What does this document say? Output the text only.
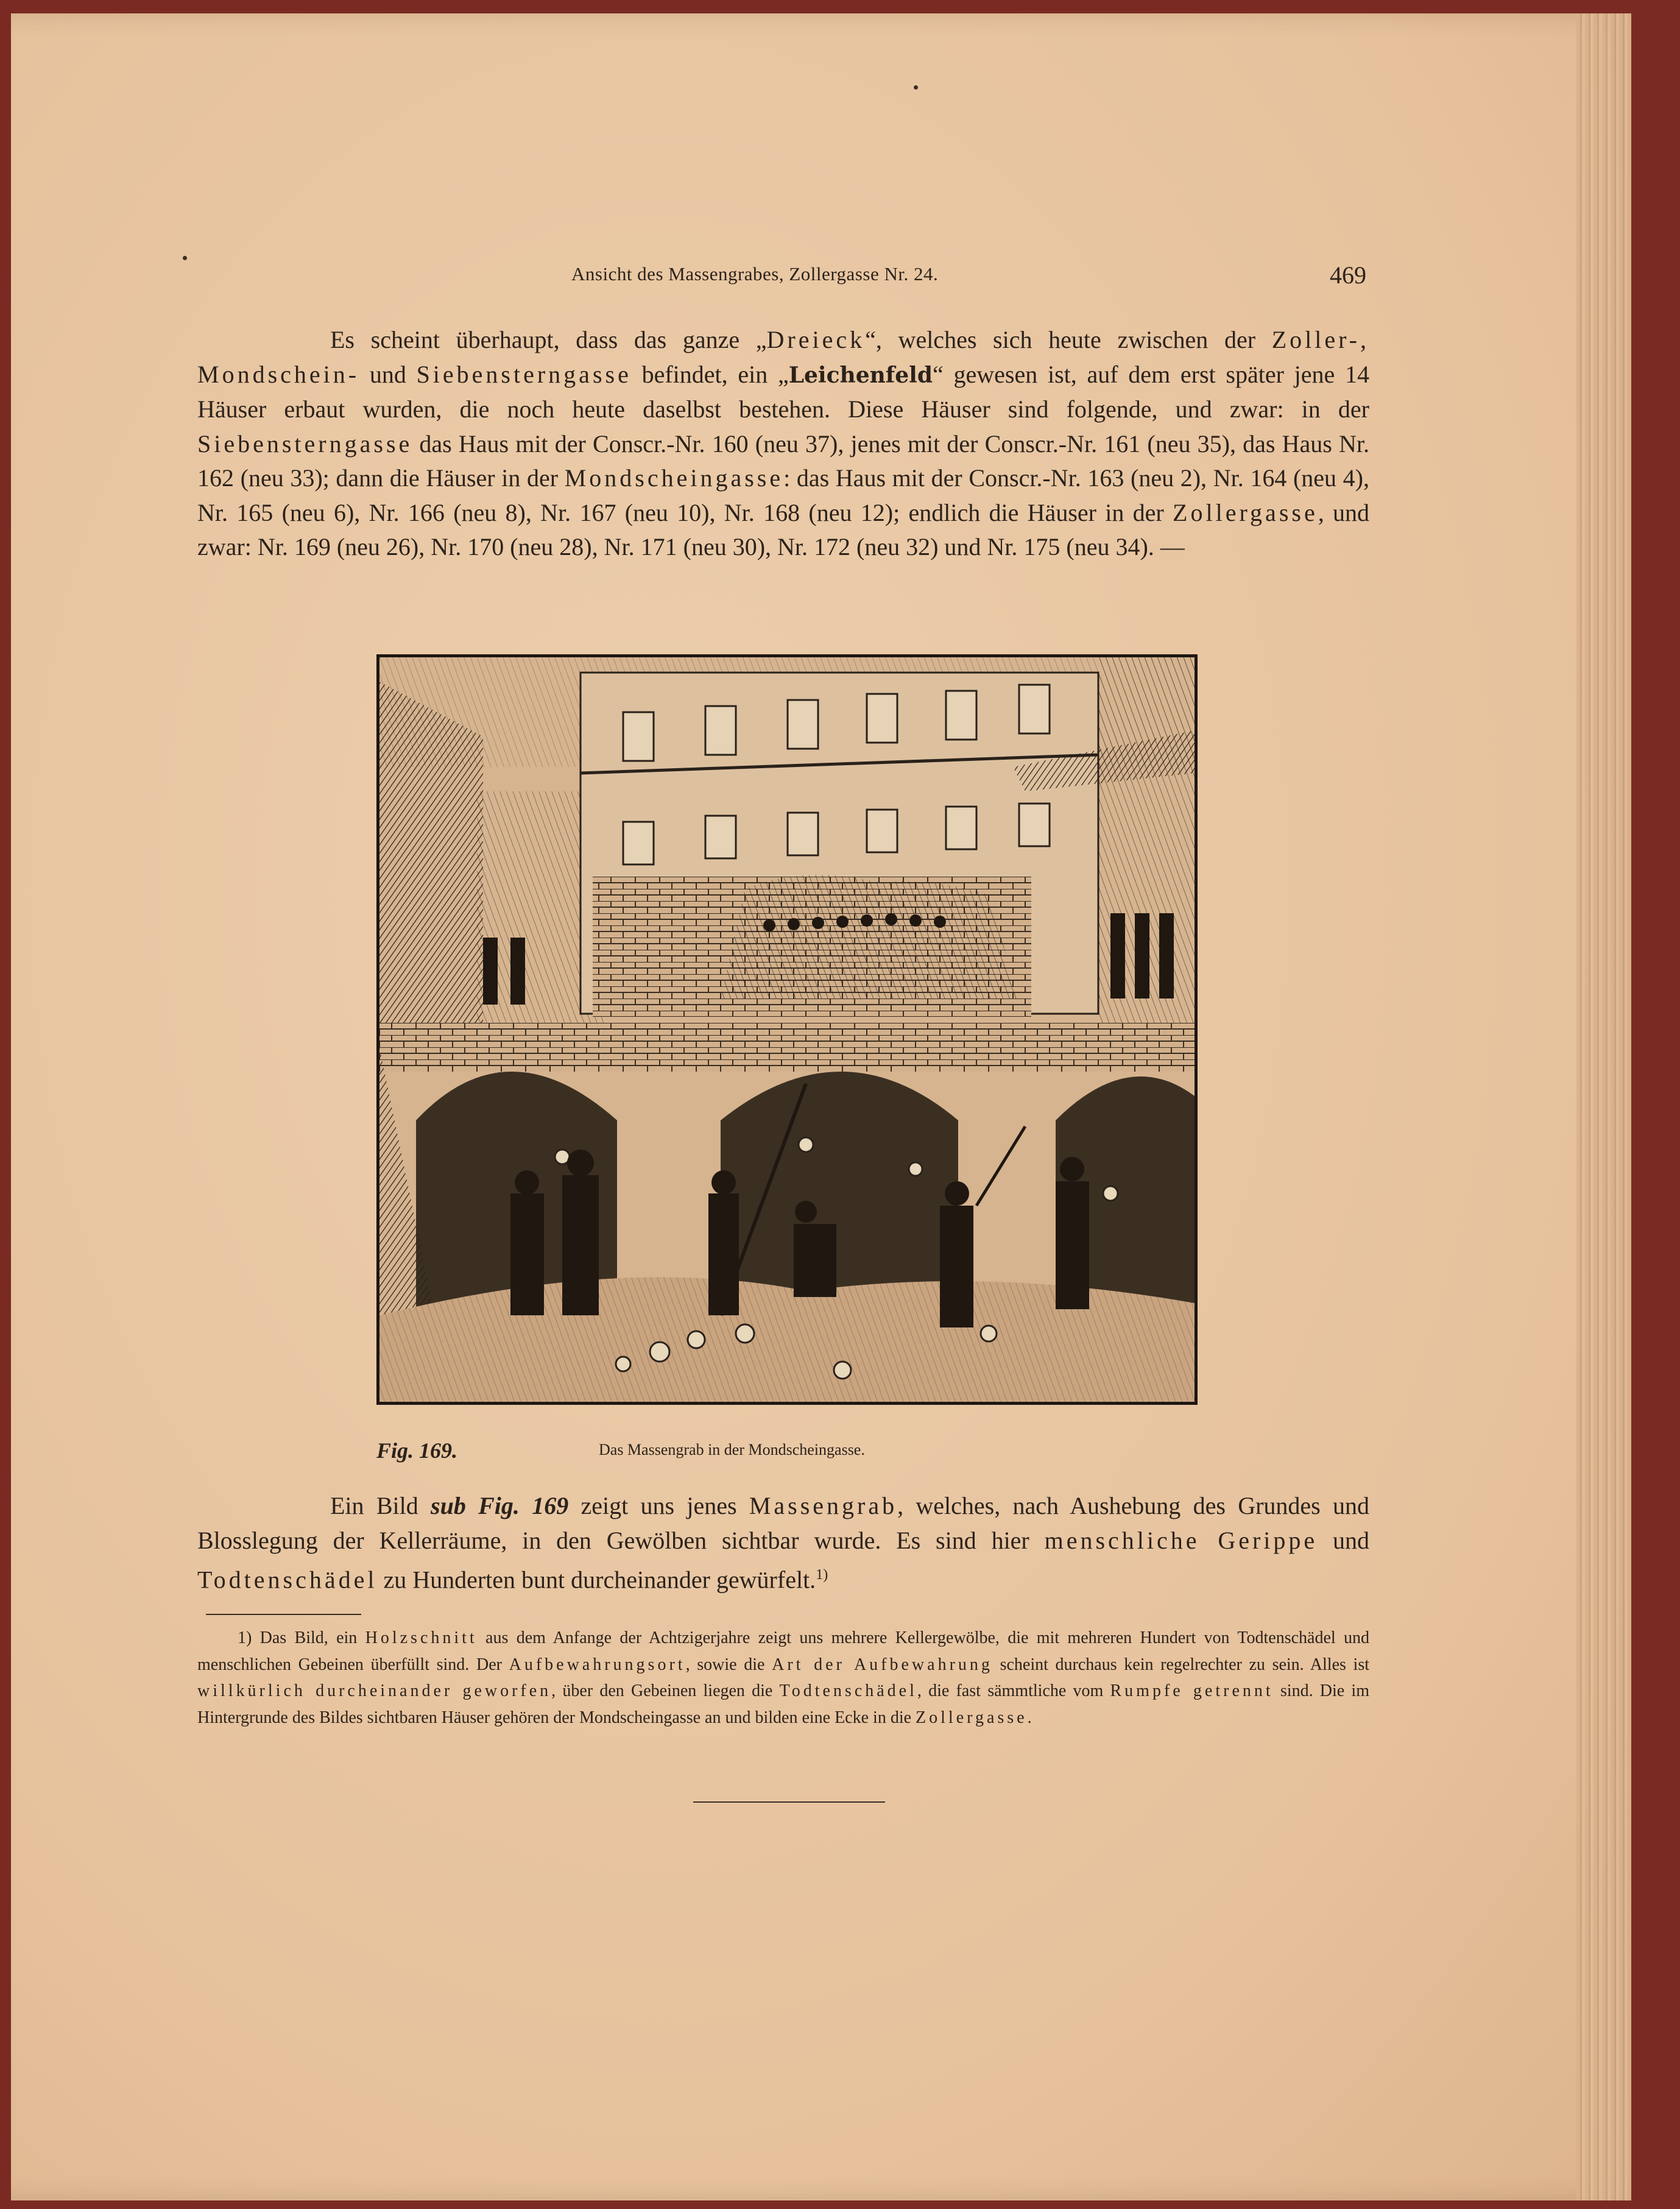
Ansicht des Massengrabes, Zollergasse Nr. 24.	469
Es scheint überhaupt, dass das ganze „Dreieck“, welches sich heute zwischen der Zoller-, Mondschein- und Siebensterngasse befindet, ein „Leichenfeld“ gewesen ist, auf dem erst später jene 14 Häuser erbaut wurden, die noch heute daselbst bestehen. Diese Häuser sind folgende, und zwar: in der Siebensterngasse das Haus mit der Conscr.-Nr. 160 (neu 37), jenes mit der Conscr.-Nr. 161 (neu 35), das Haus Nr. 162 (neu 33); dann die Häuser in der Mondscheingasse: das Haus mit der Conscr.-Nr. 163 (neu 2), Nr. 164 (neu 4), Nr. 165 (neu 6), Nr. 166 (neu 8), Nr. 167 (neu 10), Nr. 168 (neu 12); endlich die Häuser in der Zollergasse, und zwar: Nr. 169 (neu 26), Nr. 170 (neu 28), Nr. 171 (neu 30), Nr. 172 (neu 32) und Nr. 175 (neu 34). —
Fig. 169.	Das Massengrab in der Mondscheingasse.
Ein Bild sub Fig. 169 zeigt uns jenes Massengrab, welches, nach Aushebung des Grundes und Blosslegung der Kellerräume, in den Gewölben sichtbar wurde. Es sind hier menschliche Gerippe und Todtenschädel zu Hunderten bunt durcheinander gewürfelt.$^{1)}$
1) Das Bild, ein Holzschnitt aus dem Anfange der Achtzigerjahre zeigt uns mehrere Kellergewölbe, die mit mehreren Hundert von Todtenschädel und menschlichen Gebeinen überfüllt sind. Der Aufbewahrungsort, sowie die Art der Aufbewahrung scheint durchaus kein regelrechter zu sein. Alles ist willkürlich durcheinander geworfen, über den Gebeinen liegen die Todtenschädel, die fast sämmtliche vom Rumpfe getrennt sind. Die im Hintergrunde des Bildes sichtbaren Häuser gehören der Mondscheingasse an und bilden eine Ecke in die Zollergasse.
